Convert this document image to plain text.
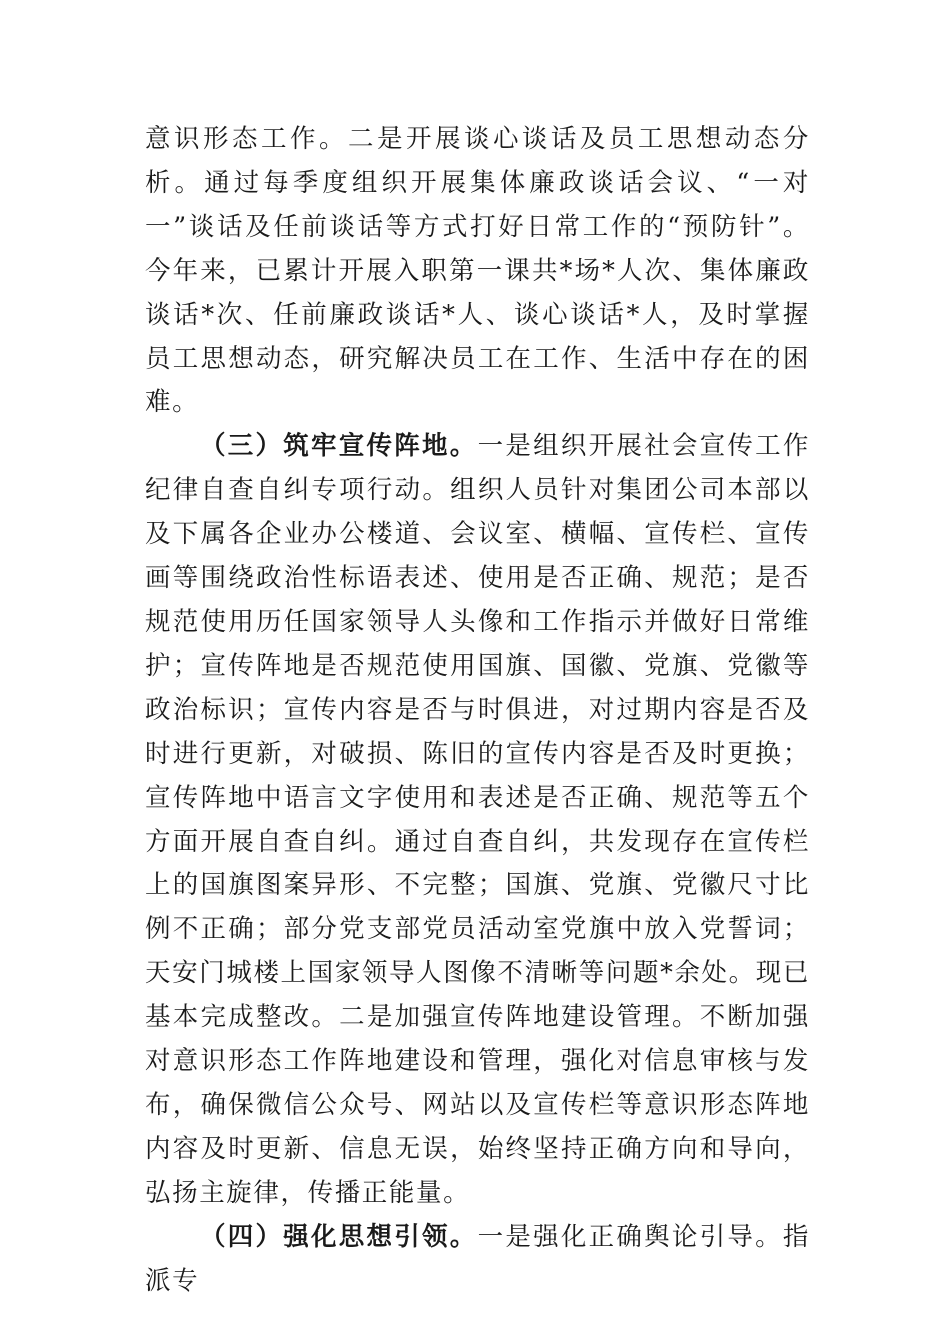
意识形态工作。二是开展谈心谈话及员工思想动态分析。通过每季度组织开展集体廉政谈话会议、“一对一”谈话及任前谈话等方式打好日常工作的“预防针”。今年来，已累计开展入职第一课共*场*人次、集体廉政谈话*次、任前廉政谈话*人、谈心谈话*人，及时掌握员工思想动态，研究解决员工在工作、生活中存在的困难。

（三）筑牢宣传阵地。一是组织开展社会宣传工作纪律自查自纠专项行动。组织人员针对集团公司本部以及下属各企业办公楼道、会议室、横幅、宣传栏、宣传画等围绕政治性标语表述、使用是否正确、规范；是否规范使用历任国家领导人头像和工作指示并做好日常维护；宣传阵地是否规范使用国旗、国徽、党旗、党徽等政治标识；宣传内容是否与时俱进，对过期内容是否及时进行更新，对破损、陈旧的宣传内容是否及时更换；宣传阵地中语言文字使用和表述是否正确、规范等五个方面开展自查自纠。通过自查自纠，共发现存在宣传栏上的国旗图案异形、不完整；国旗、党旗、党徽尺寸比例不正确；部分党支部党员活动室党旗中放入党誓词；天安门城楼上国家领导人图像不清晰等问题*余处。现已基本完成整改。二是加强宣传阵地建设管理。不断加强对意识形态工作阵地建设和管理，强化对信息审核与发布，确保微信公众号、网站以及宣传栏等意识形态阵地内容及时更新、信息无误，始终坚持正确方向和导向，弘扬主旋律，传播正能量。

（四）强化思想引领。一是强化正确舆论引导。指派专
